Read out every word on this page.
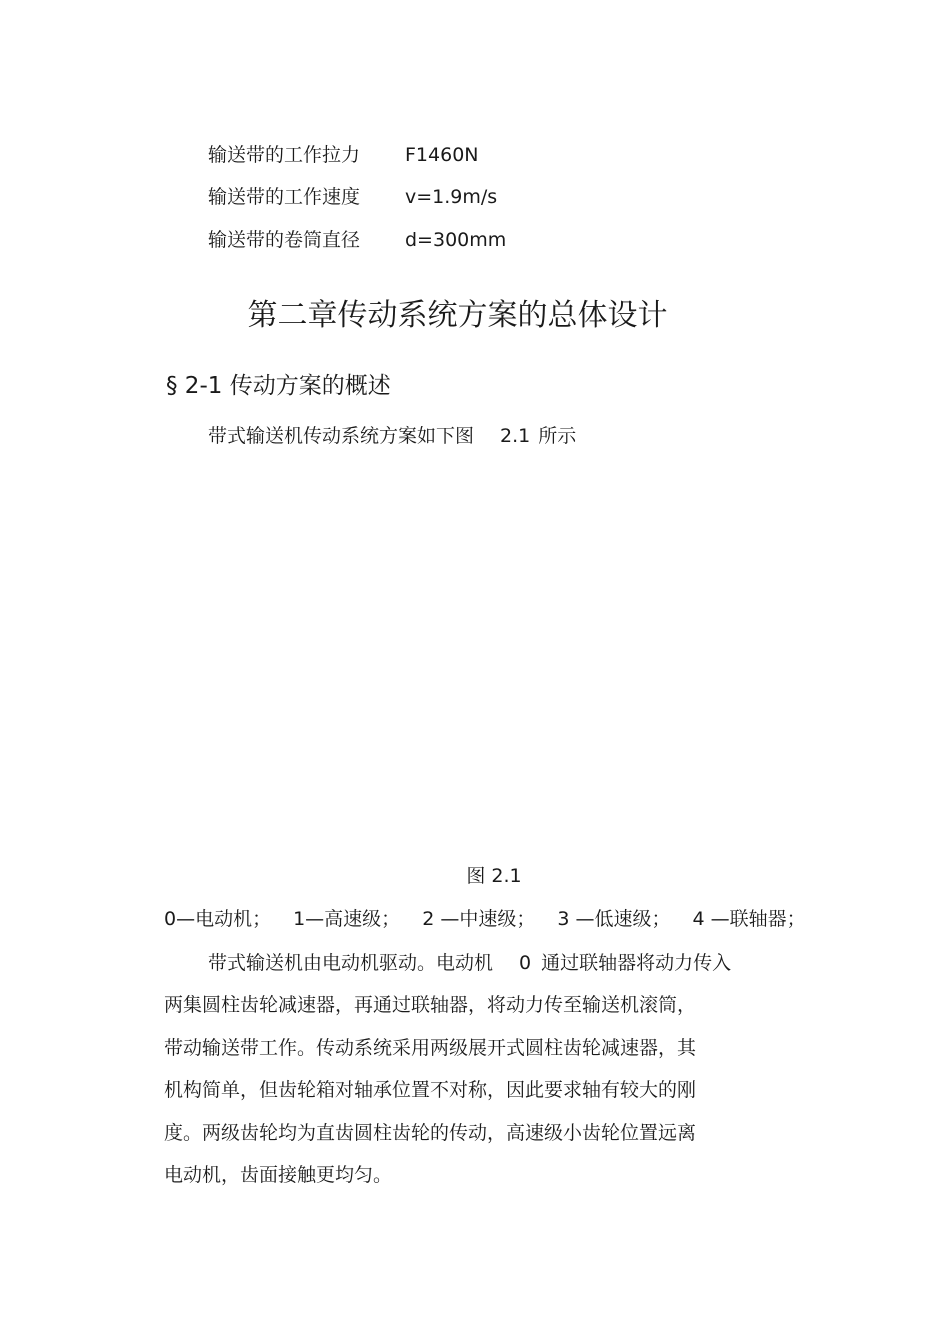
输送带的工作拉力 F1460N
输送带的工作速度 v=1.9m/s
输送带的卷筒直径 d=300mm
第二章传动系统方案的总体设计
§ 2-1 传动方案的概述
带式输送机传动系统方案如下图 2.1 所示
图 2.1
0—电动机； 1—高速级； 2 —中速级； 3 —低速级； 4 —联轴器；
带式输送机由电动机驱动。电动机 0 通过联轴器将动力传入
两集圆柱齿轮减速器，再通过联轴器，将动力传至输送机滚筒，
带动输送带工作。传动系统采用两级展开式圆柱齿轮减速器，其
机构简单，但齿轮箱对轴承位置不对称，因此要求轴有较大的刚
度。两级齿轮均为直齿圆柱齿轮的传动，高速级小齿轮位置远离
电动机，齿面接触更均匀。
